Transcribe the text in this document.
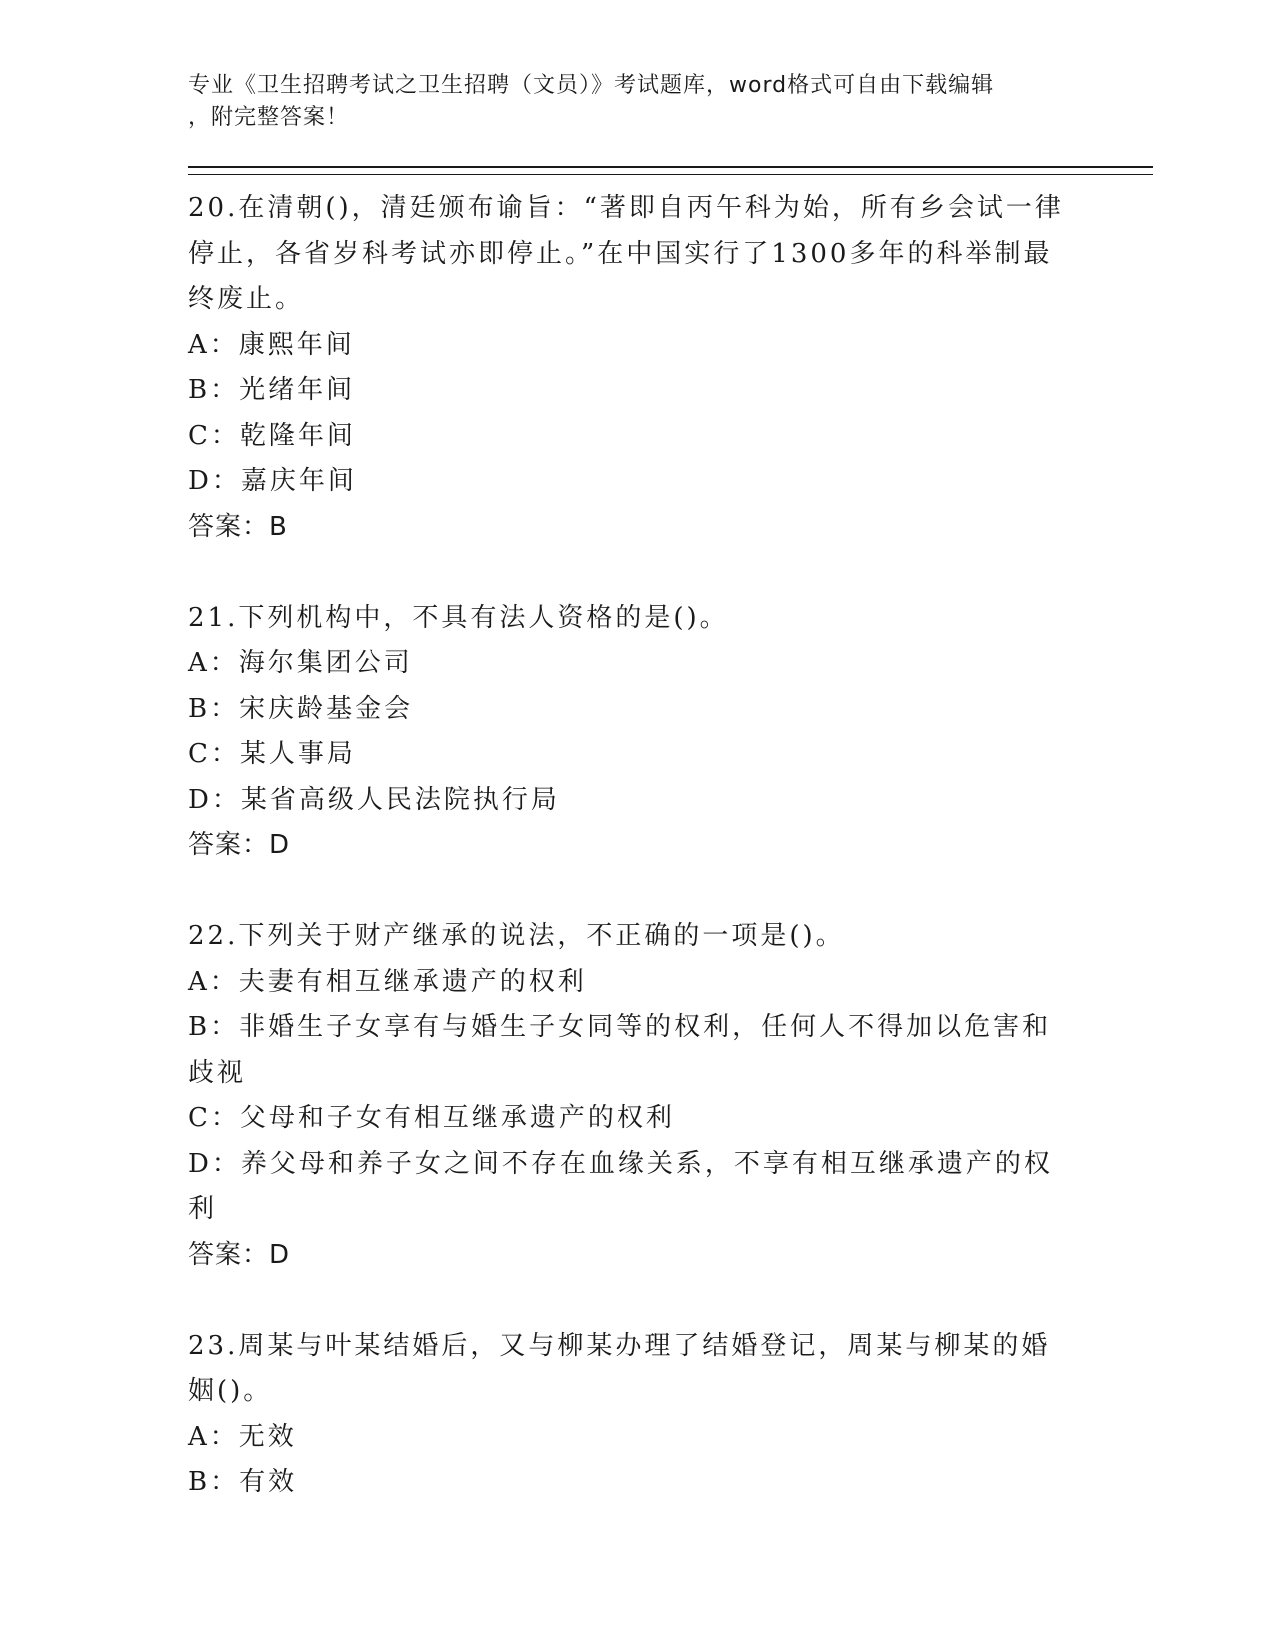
专业《卫生招聘考试之卫生招聘（文员）》考试题库，word格式可自由下载编辑
，附完整答案！
20.在清朝()，清廷颁布谕旨：“著即自丙午科为始，所有乡会试一律停止，各省岁科考试亦即停止。”在中国实行了1300多年的科举制最终废止。
A：康熙年间
B：光绪年间
C：乾隆年间
D：嘉庆年间
答案：B
21.下列机构中，不具有法人资格的是()。
A：海尔集团公司
B：宋庆龄基金会
C：某人事局
D：某省高级人民法院执行局
答案：D
22.下列关于财产继承的说法，不正确的一项是()。
A：夫妻有相互继承遗产的权利
B：非婚生子女享有与婚生子女同等的权利，任何人不得加以危害和歧视
C：父母和子女有相互继承遗产的权利
D：养父母和养子女之间不存在血缘关系，不享有相互继承遗产的权利
答案：D
23.周某与叶某结婚后，又与柳某办理了结婚登记，周某与柳某的婚姻()。
A：无效
B：有效
